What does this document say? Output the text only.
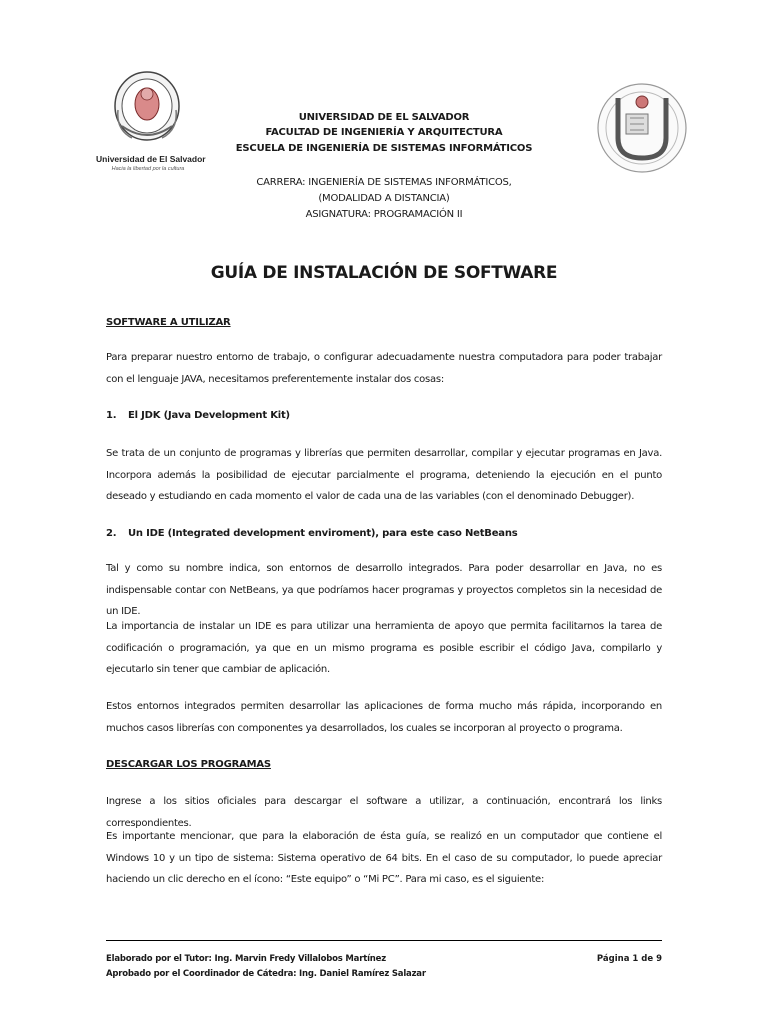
Universidad de El Salvador
Hacia la libertad por la cultura
UNIVERSIDAD DE EL SALVADOR
FACULTAD DE INGENIERÍA Y ARQUITECTURA
ESCUELA DE INGENIERÍA DE SISTEMAS INFORMÁTICOS
CARRERA: INGENIERÍA DE SISTEMAS INFORMÁTICOS,
(MODALIDAD A DISTANCIA)
ASIGNATURA: PROGRAMACIÓN II
GUÍA DE INSTALACIÓN DE SOFTWARE
SOFTWARE A UTILIZAR
Para preparar nuestro entorno de trabajo, o configurar adecuadamente nuestra computadora para poder trabajar con el lenguaje JAVA, necesitamos preferentemente instalar dos cosas:
1. El JDK (Java Development Kit)
Se trata de un conjunto de programas y librerías que permiten desarrollar, compilar y ejecutar programas en Java. Incorpora además la posibilidad de ejecutar parcialmente el programa, deteniendo la ejecución en el punto deseado y estudiando en cada momento el valor de cada una de las variables (con el denominado Debugger).
2. Un IDE (Integrated development enviroment), para este caso NetBeans
Tal y como su nombre indica, son entornos de desarrollo integrados. Para poder desarrollar en Java, no es indispensable contar con NetBeans, ya que podríamos hacer programas y proyectos completos sin la necesidad de un IDE.
La importancia de instalar un IDE es para utilizar una herramienta de apoyo que permita facilitarnos la tarea de codificación o programación, ya que en un mismo programa es posible escribir el código Java, compilarlo y ejecutarlo sin tener que cambiar de aplicación.
Estos entornos integrados permiten desarrollar las aplicaciones de forma mucho más rápida, incorporando en muchos casos librerías con componentes ya desarrollados, los cuales se incorporan al proyecto o programa.
DESCARGAR LOS PROGRAMAS
Ingrese a los sitios oficiales para descargar el software a utilizar, a continuación, encontrará los links correspondientes.
Es importante mencionar, que para la elaboración de ésta guía, se realizó en un computador que contiene el Windows 10 y un tipo de sistema: Sistema operativo de 64 bits. En el caso de su computador, lo puede apreciar haciendo un clic derecho en el ícono: “Este equipo” o “Mi PC”. Para mi caso, es el siguiente:
Elaborado por el Tutor: Ing. Marvin Fredy Villalobos Martínez
Aprobado por el Coordinador de Cátedra: Ing. Daniel Ramírez Salazar
Página 1 de 9
